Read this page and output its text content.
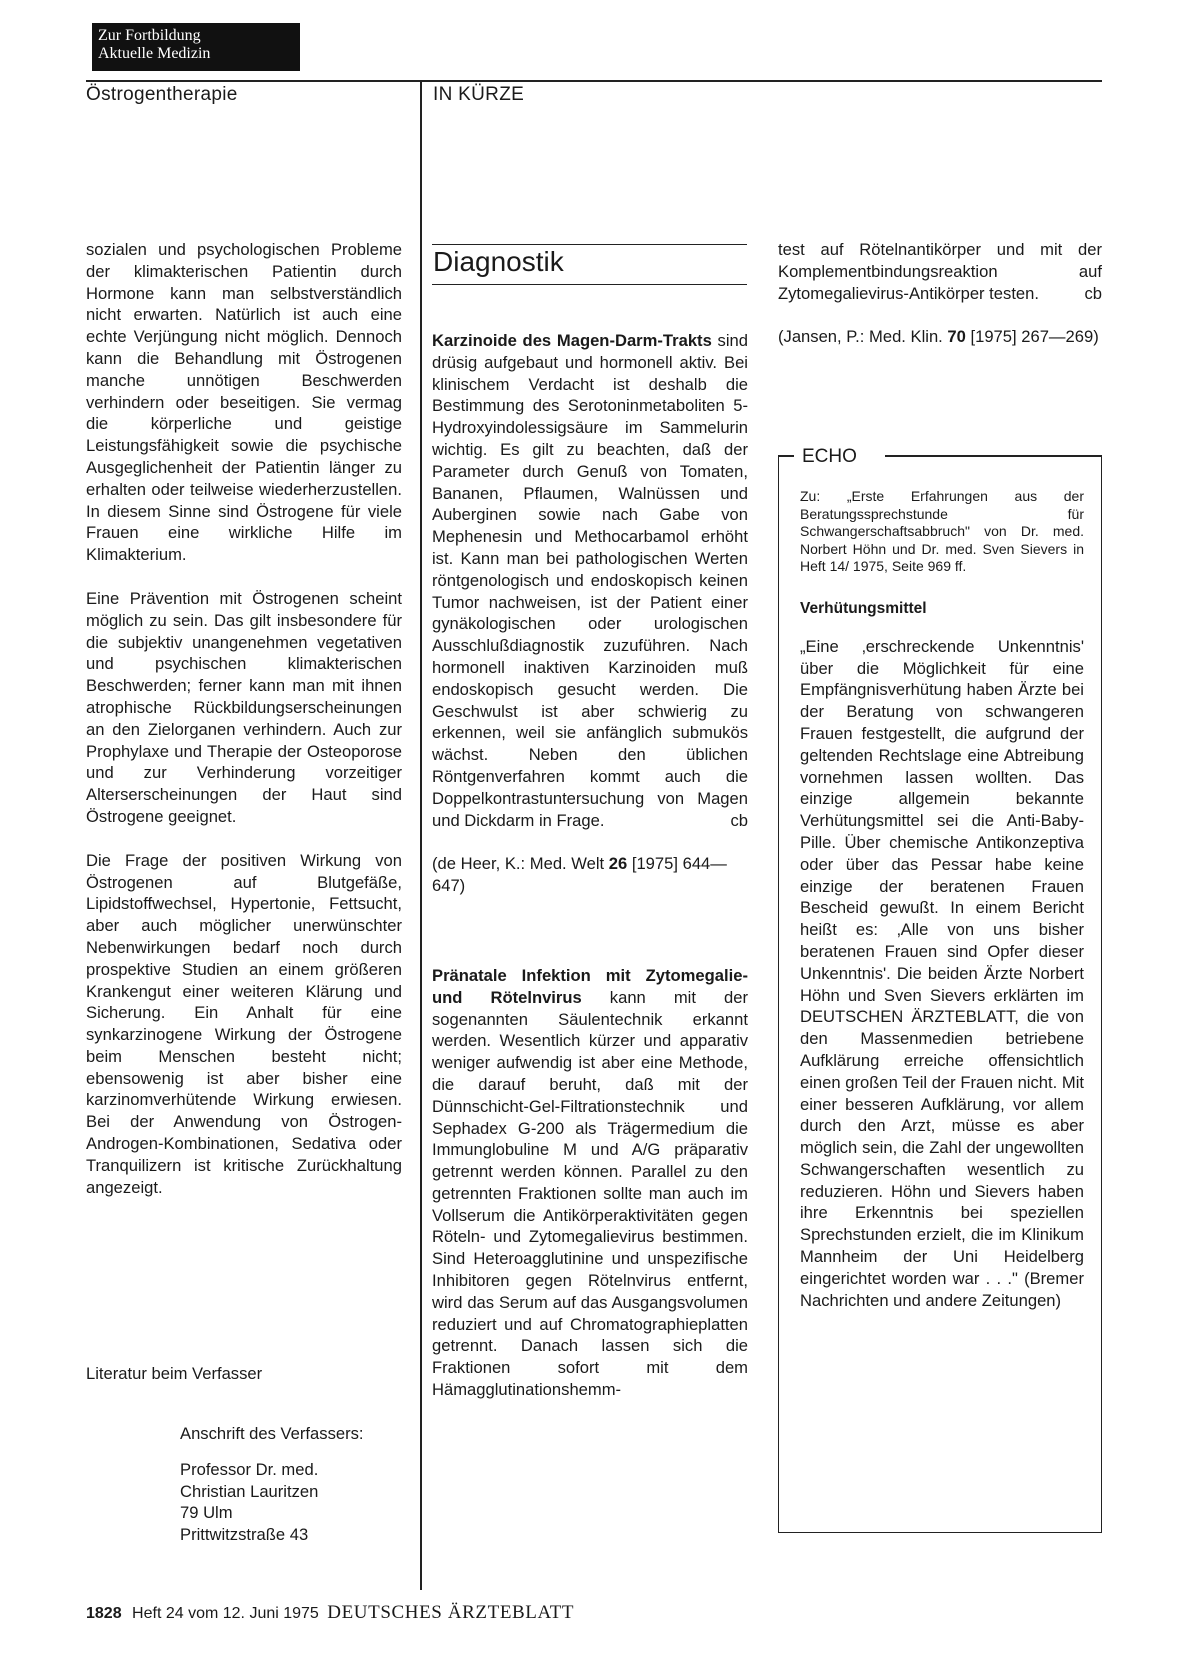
Zur Fortbildung
Aktuelle Medizin
Östrogentherapie	IN KÜRZE

sozialen und psychologischen Probleme der klimakterischen Patientin durch Hormone kann man selbstverständlich nicht erwarten. Natürlich ist auch eine echte Verjüngung nicht möglich. Dennoch kann die Behandlung mit Östrogenen manche unnötigen Beschwerden verhindern oder beseitigen. Sie vermag die körperliche und geistige Leistungsfähigkeit sowie die psychische Ausgeglichenheit der Patientin länger zu erhalten oder teilweise wiederherzustellen. In diesem Sinne sind Östrogene für viele Frauen eine wirkliche Hilfe im Klimakterium.

Eine Prävention mit Östrogenen scheint möglich zu sein. Das gilt insbesondere für die subjektiv unangenehmen vegetativen und psychischen klimakterischen Beschwerden; ferner kann man mit ihnen atrophische Rückbildungserscheinungen an den Zielorganen verhindern. Auch zur Prophylaxe und Therapie der Osteoporose und zur Verhinderung vorzeitiger Alterserscheinungen der Haut sind Östrogene geeignet.

Die Frage der positiven Wirkung von Östrogenen auf Blutgefäße, Lipidstoffwechsel, Hypertonie, Fettsucht, aber auch möglicher unerwünschter Nebenwirkungen bedarf noch durch prospektive Studien an einem größeren Krankengut einer weiteren Klärung und Sicherung. Ein Anhalt für eine synkarzinogene Wirkung der Östrogene beim Menschen besteht nicht; ebensowenig ist aber bisher eine karzinomverhütende Wirkung erwiesen. Bei der Anwendung von Östrogen-Androgen-Kombinationen, Sedativa oder Tranquilizern ist kritische Zurückhaltung angezeigt.

Literatur beim Verfasser

Anschrift des Verfassers:

Professor Dr. med.

Christian Lauritzen

79 Ulm

Prittwitzstraße 43

Diagnostik

Karzinoide des Magen-Darm-Trakts sind drüsig aufgebaut und hormonell aktiv. Bei klinischem Verdacht ist deshalb die Bestimmung des Serotoninmetaboliten 5-Hydroxyindolessigsäure im Sammelurin wichtig. Es gilt zu beachten, daß der Parameter durch Genuß von Tomaten, Bananen, Pflaumen, Walnüssen und Auberginen sowie nach Gabe von Mephenesin und Methocarbamol erhöht ist. Kann man bei pathologischen Werten röntgenologisch und endoskopisch keinen Tumor nachweisen, ist der Patient einer gynäkologischen oder urologischen Ausschlußdiagnostik zuzuführen. Nach hormonell inaktiven Karzinoiden muß endoskopisch gesucht werden. Die Geschwulst ist aber schwierig zu erkennen, weil sie anfänglich submukös wächst. Neben den üblichen Röntgenverfahren kommt auch die Doppelkontrastuntersuchung von Magen und Dickdarm in Frage.	cb

(de Heer, K.: Med. Welt 26 [1975] 644—647)

Pränatale Infektion mit Zytomegalie- und Rötelnvirus kann mit der sogenannten Säulentechnik erkannt werden. Wesentlich kürzer und apparativ weniger aufwendig ist aber eine Methode, die darauf beruht, daß mit der Dünnschicht-Gel-Filtrationstechnik und Sephadex G-200 als Trägermedium die Immunglobuline M und A/G präparativ getrennt werden können. Parallel zu den getrennten Fraktionen sollte man auch im Vollserum die Antikörperaktivitäten gegen Röteln- und Zytomegalievirus bestimmen. Sind Heteroagglutinine und unspezifische Inhibitoren gegen Rötelnvirus entfernt, wird das Serum auf das Ausgangsvolumen reduziert und auf Chromatographieplatten getrennt. Danach lassen sich die Fraktionen sofort mit dem Hämagglutinationshemm-

test auf Rötelnantikörper und mit der Komplementbindungsreaktion auf Zytomegalievirus-Antikörper testen.	cb

(Jansen, P.: Med. Klin. 70 [1975] 267—269)

ECHO

Zu: „Erste Erfahrungen aus der Beratungssprechstunde für Schwangerschaftsabbruch" von Dr. med. Norbert Höhn und Dr. med. Sven Sievers in Heft 14/ 1975, Seite 969 ff.

Verhütungsmittel

„Eine ‚erschreckende Unkenntnis' über die Möglichkeit für eine Empfängnisverhütung haben Ärzte bei der Beratung von schwangeren Frauen festgestellt, die aufgrund der geltenden Rechtslage eine Abtreibung vornehmen lassen wollten. Das einzige allgemein bekannte Verhütungsmittel sei die Anti-Baby-Pille. Über chemische Antikonzeptiva oder über das Pessar habe keine einzige der beratenen Frauen Bescheid gewußt. In einem Bericht heißt es: ‚Alle von uns bisher beratenen Frauen sind Opfer dieser Unkenntnis'. Die beiden Ärzte Norbert Höhn und Sven Sievers erklärten im DEUTSCHEN ÄRZTEBLATT, die von den Massenmedien betriebene Aufklärung erreiche offensichtlich einen großen Teil der Frauen nicht. Mit einer besseren Aufklärung, vor allem durch den Arzt, müsse es aber möglich sein, die Zahl der ungewollten Schwangerschaften wesentlich zu reduzieren. Höhn und Sievers haben ihre Erkenntnis bei speziellen Sprechstunden erzielt, die im Klinikum Mannheim der Uni Heidelberg eingerichtet worden war . . ." (Bremer Nachrichten und andere Zeitungen)

1828 Heft 24 vom 12. Juni 1975 DEUTSCHES ÄRZTEBLATT
